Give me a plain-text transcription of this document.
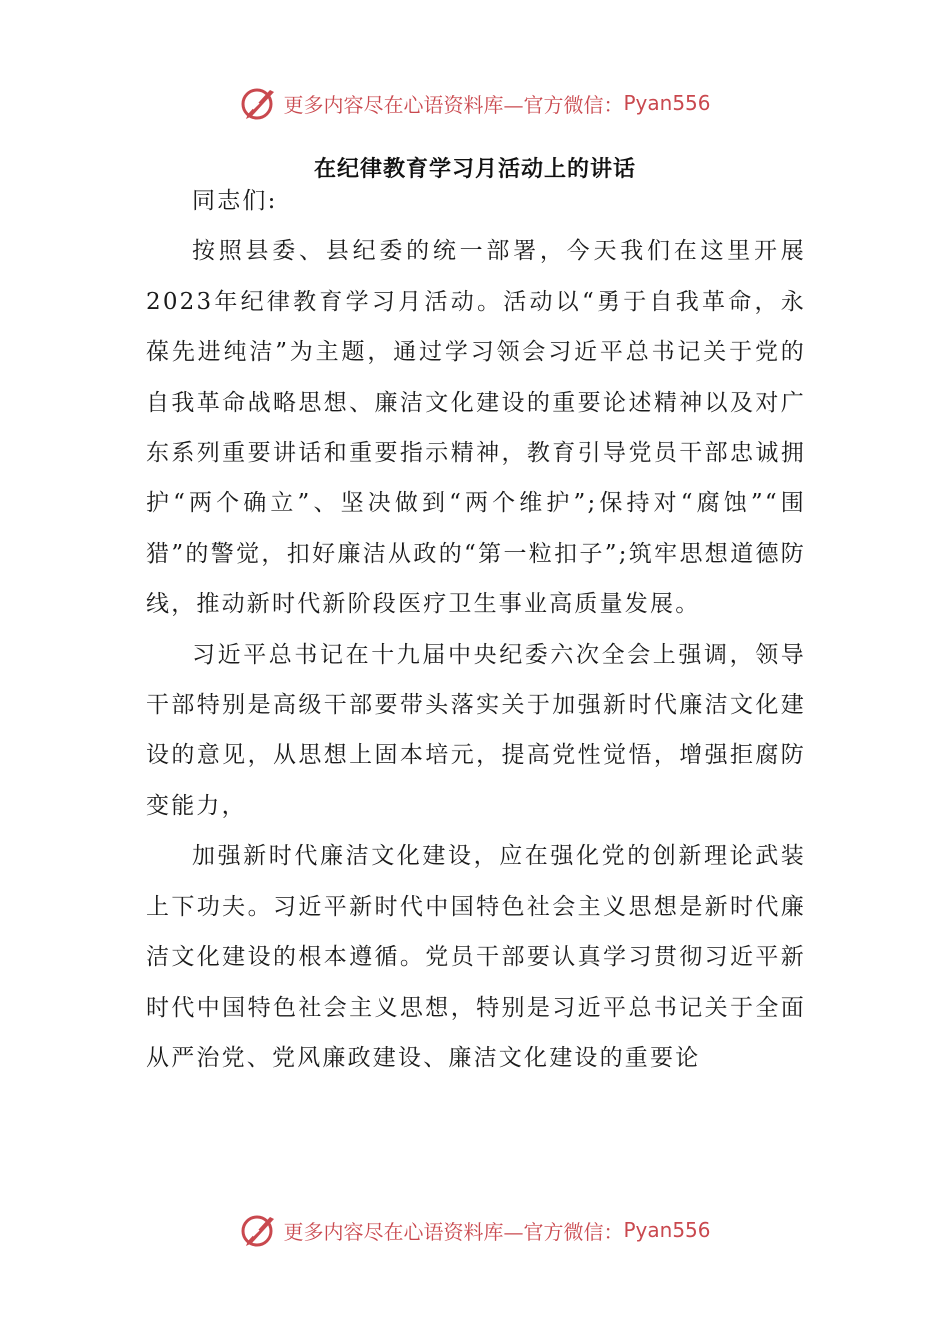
更多内容尽在心语资料库—官方微信： Pyan556
在纪律教育学习月活动上的讲话

同志们:

按照县委、县纪委的统一部署，今天我们在这里开展2023年纪律教育学习月活动。活动以“勇于自我革命，永葆先进纯洁”为主题，通过学习领会习近平总书记关于党的自我革命战略思想、廉洁文化建设的重要论述精神以及对广东系列重要讲话和重要指示精神，教育引导党员干部忠诚拥护“两个确立”、坚决做到“两个维护”;保持对“腐蚀”“围猎”的警觉，扣好廉洁从政的“第一粒扣子”;筑牢思想道德防线，推动新时代新阶段医疗卫生事业高质量发展。

习近平总书记在十九届中央纪委六次全会上强调，领导干部特别是高级干部要带头落实关于加强新时代廉洁文化建设的意见，从思想上固本培元，提高党性觉悟，增强拒腐防变能力，

加强新时代廉洁文化建设，应在强化党的创新理论武装上下功夫。习近平新时代中国特色社会主义思想是新时代廉洁文化建设的根本遵循。党员干部要认真学习贯彻习近平新时代中国特色社会主义思想，特别是习近平总书记关于全面从严治党、党风廉政建设、廉洁文化建设的重要论

更多内容尽在心语资料库—官方微信： Pyan556
